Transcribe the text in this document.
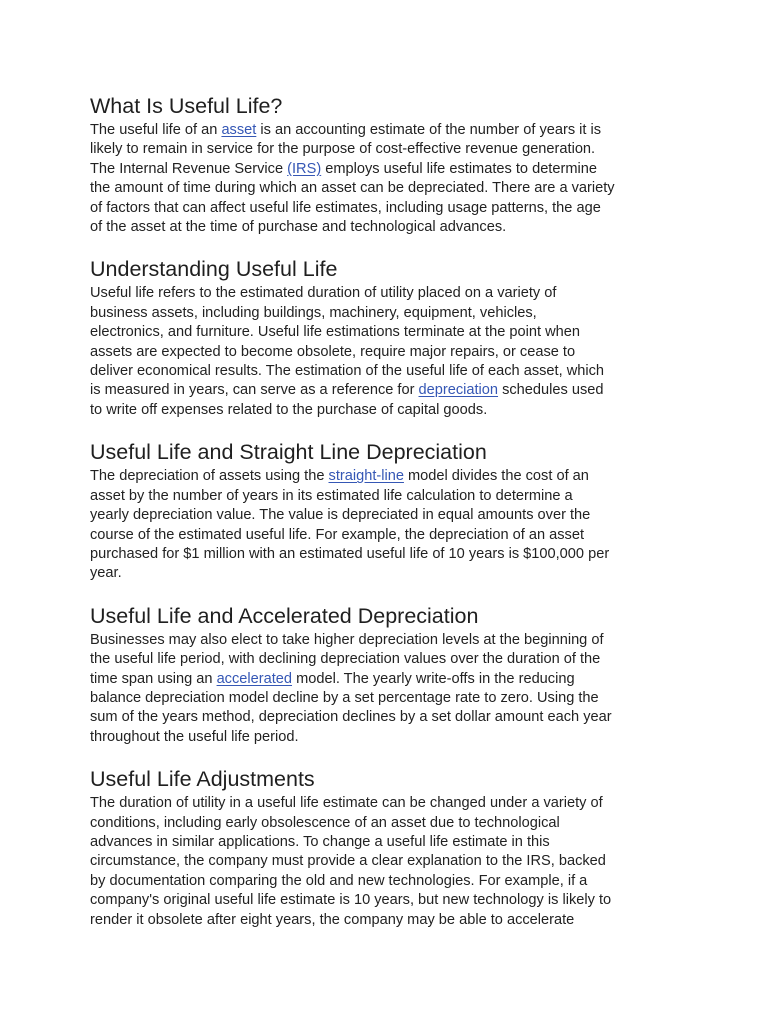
What Is Useful Life?

The useful life of an asset is an accounting estimate of the number of years it is
likely to remain in service for the purpose of cost-effective revenue generation.
The Internal Revenue Service (IRS) employs useful life estimates to determine
the amount of time during which an asset can be depreciated. There are a variety
of factors that can affect useful life estimates, including usage patterns, the age
of the asset at the time of purchase and technological advances.

Understanding Useful Life

Useful life refers to the estimated duration of utility placed on a variety of
business assets, including buildings, machinery, equipment, vehicles,
electronics, and furniture. Useful life estimations terminate at the point when
assets are expected to become obsolete, require major repairs, or cease to
deliver economical results. The estimation of the useful life of each asset, which
is measured in years, can serve as a reference for depreciation schedules used
to write off expenses related to the purchase of capital goods.

Useful Life and Straight Line Depreciation

The depreciation of assets using the straight-line model divides the cost of an
asset by the number of years in its estimated life calculation to determine a
yearly depreciation value. The value is depreciated in equal amounts over the
course of the estimated useful life. For example, the depreciation of an asset
purchased for $1 million with an estimated useful life of 10 years is $100,000 per
year.

Useful Life and Accelerated Depreciation

Businesses may also elect to take higher depreciation levels at the beginning of
the useful life period, with declining depreciation values over the duration of the
time span using an accelerated model. The yearly write-offs in the reducing
balance depreciation model decline by a set percentage rate to zero. Using the
sum of the years method, depreciation declines by a set dollar amount each year
throughout the useful life period.

Useful Life Adjustments

The duration of utility in a useful life estimate can be changed under a variety of
conditions, including early obsolescence of an asset due to technological
advances in similar applications. To change a useful life estimate in this
circumstance, the company must provide a clear explanation to the IRS, backed
by documentation comparing the old and new technologies. For example, if a
company's original useful life estimate is 10 years, but new technology is likely to
render it obsolete after eight years, the company may be able to accelerate
